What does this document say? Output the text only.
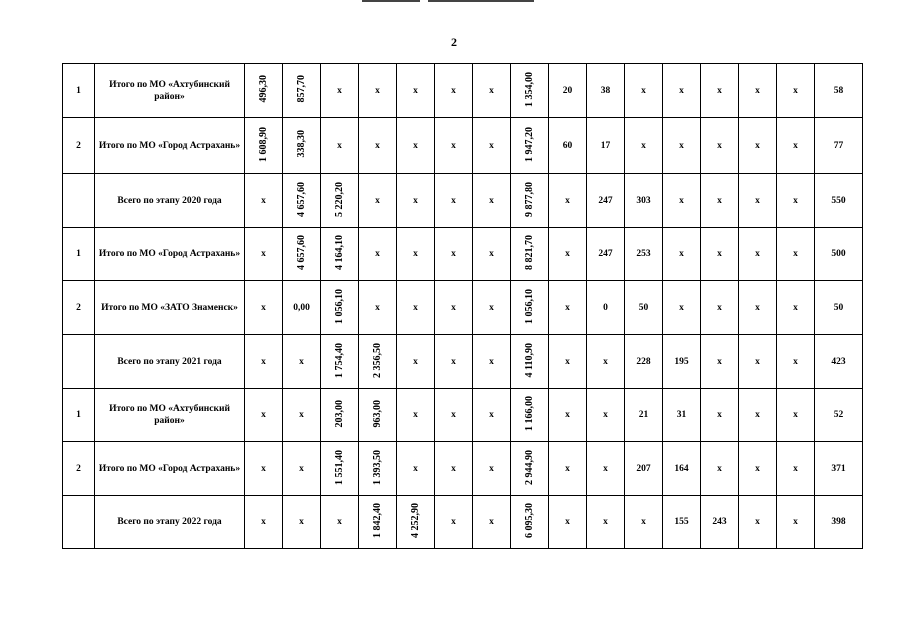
2
1	Итого по МО «Ахтубинский район»	496,30	857,70	x	x	x	x	x	1 354,00	20	38	x	x	x	x	x	58
2	Итого по МО «Город Астрахань»	1 608,90	338,30	x	x	x	x	x	1 947,20	60	17	x	x	x	x	x	77
	Всего по этапу 2020 года	x	4 657,60	5 220,20	x	x	x	x	9 877,80	x	247	303	x	x	x	x	550
1	Итого по МО «Город Астрахань»	x	4 657,60	4 164,10	x	x	x	x	8 821,70	x	247	253	x	x	x	x	500
2	Итого по МО «ЗАТО Знаменск»	x	0,00	1 056,10	x	x	x	x	1 056,10	x	0	50	x	x	x	x	50
	Всего по этапу 2021 года	x	x	1 754,40	2 356,50	x	x	x	4 110,90	x	x	228	195	x	x	x	423
1	Итого по МО «Ахтубинский район»	x	x	203,00	963,00	x	x	x	1 166,00	x	x	21	31	x	x	x	52
2	Итого по МО «Город Астрахань»	x	x	1 551,40	1 393,50	x	x	x	2 944,90	x	x	207	164	x	x	x	371
	Всего по этапу 2022 года	x	x	x	1 842,40	4 252,90	x	x	6 095,30	x	x	x	155	243	x	x	398
